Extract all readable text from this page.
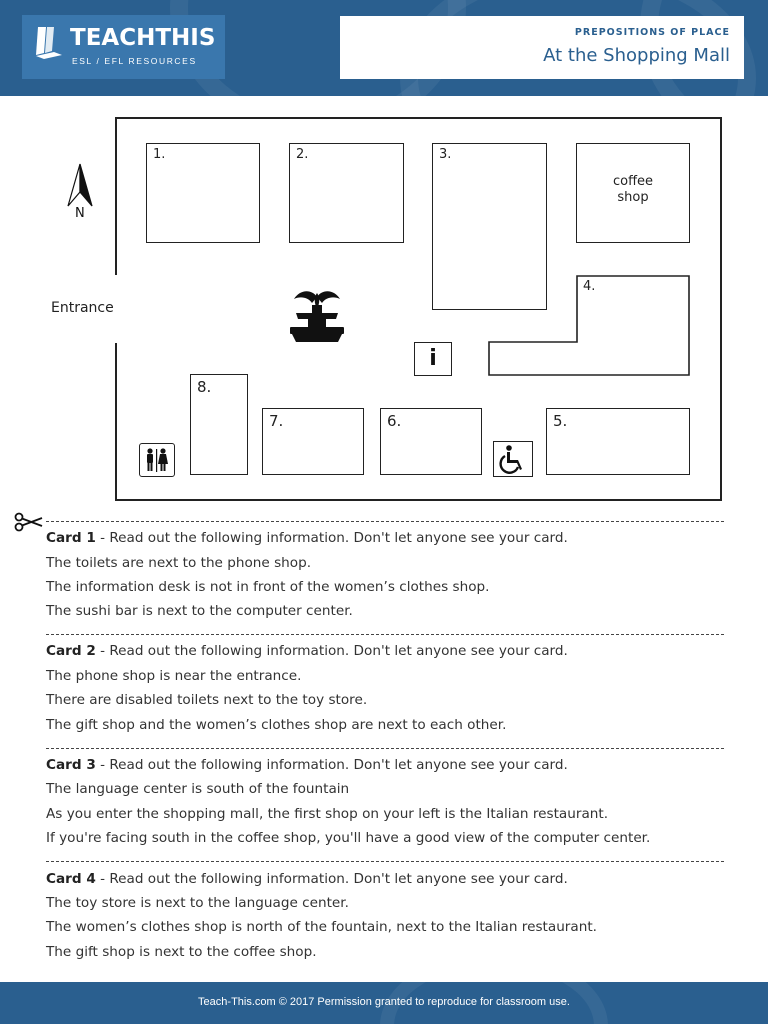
TEACHTHIS
ESL / EFL RESOURCES
PREPOSITIONS OF PLACE
At the Shopping Mall
N
Entrance
1.	2.	3.
coffee
shop
4.
5.
6.
7.
8.
i
Card 1 - Read out the following information. Don't let anyone see your card.
The toilets are next to the phone shop.
The information desk is not in front of the women’s clothes shop.
The sushi bar is next to the computer center.
Card 2 - Read out the following information. Don't let anyone see your card.
The phone shop is near the entrance.
There are disabled toilets next to the toy store.
The gift shop and the women’s clothes shop are next to each other.
Card 3 - Read out the following information. Don't let anyone see your card.
The language center is south of the fountain
As you enter the shopping mall, the first shop on your left is the Italian restaurant.
If you're facing south in the coffee shop, you'll have a good view of the computer center.
Card 4 - Read out the following information. Don't let anyone see your card.
The toy store is next to the language center.
The women’s clothes shop is north of the fountain, next to the Italian restaurant.
The gift shop is next to the coffee shop.
Teach-This.com © 2017 Permission granted to reproduce for classroom use.
